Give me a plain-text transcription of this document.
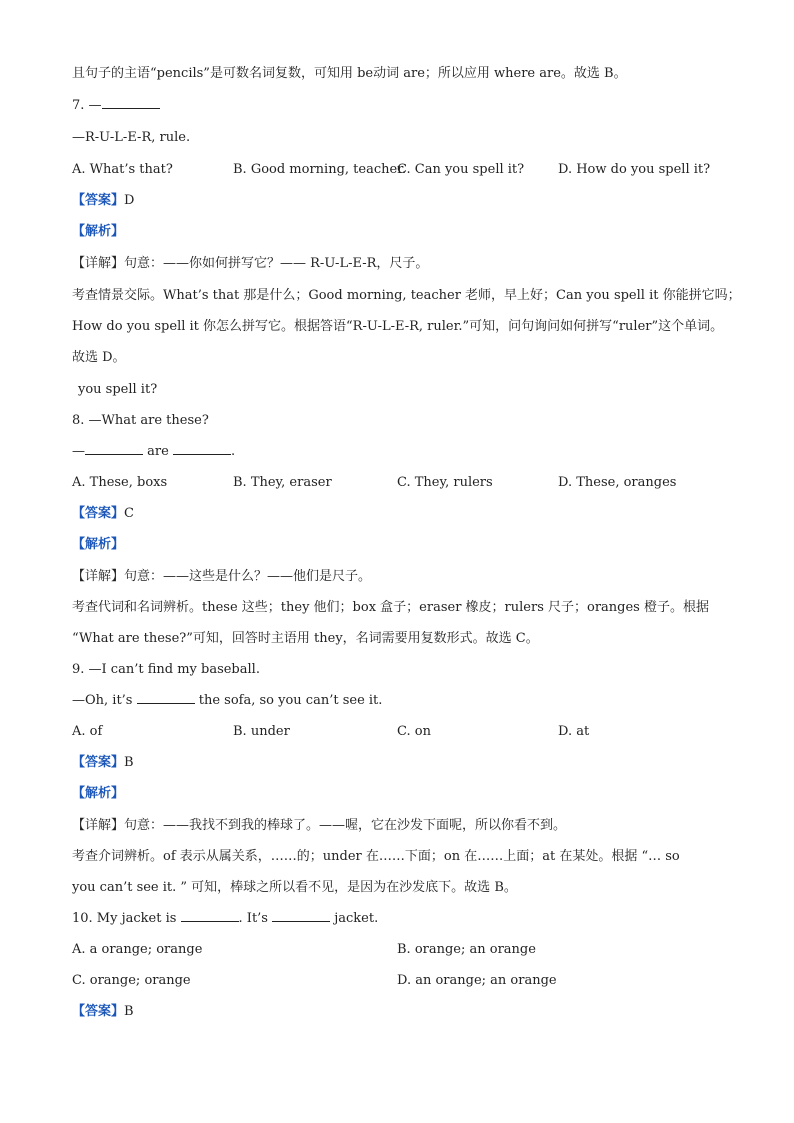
且句子的主语“pencils”是可数名词复数，可知用 be动词 are；所以应用 where are。故选 B。
7. —
—R-U-L-E-R, rule.
A. What’s that?	B. Good morning, teacher.
C. Can you spell it?	D. How do you spell it?
【答案】D
【解析】
【详解】句意：——你如何拼写它？—— R-U-L-E-R，尺子。
考查情景交际。What’s that 那是什么；Good morning, teacher 老师，早上好；Can you spell it 你能拼它吗；
How do you spell it 你怎么拼写它。根据答语“R-U-L-E-R, ruler.”可知，问句询问如何拼写“ruler”这个单词。
故选 D。
you spell it?
8. —What are these?
—	are	.
A. These, boxs	B. They, eraser	C. They, rulers	D. These, oranges
【答案】C
【解析】
【详解】句意：——这些是什么？——他们是尺子。
考查代词和名词辨析。these 这些；they 他们；box 盒子；eraser 橡皮；rulers 尺子；oranges 橙子。根据
“What are these?”可知，回答时主语用 they，名词需要用复数形式。故选 C。
9. —I can’t find my baseball.
—Oh, it’s	the sofa, so you can’t see it.
A. of	B. under	C. on	D. at
【答案】B
【解析】
【详解】句意：——我找不到我的棒球了。——喔，它在沙发下面呢，所以你看不到。
考查介词辨析。of 表示从属关系，……的；under 在……下面；on 在……上面；at 在某处。根据 “… so
you can’t see it. ” 可知，棒球之所以看不见，是因为在沙发底下。故选 B。
10. My jacket is	. It’s	jacket.
A. a orange; orange	B. orange; an orange
C. orange; orange	D. an orange; an orange
【答案】B
